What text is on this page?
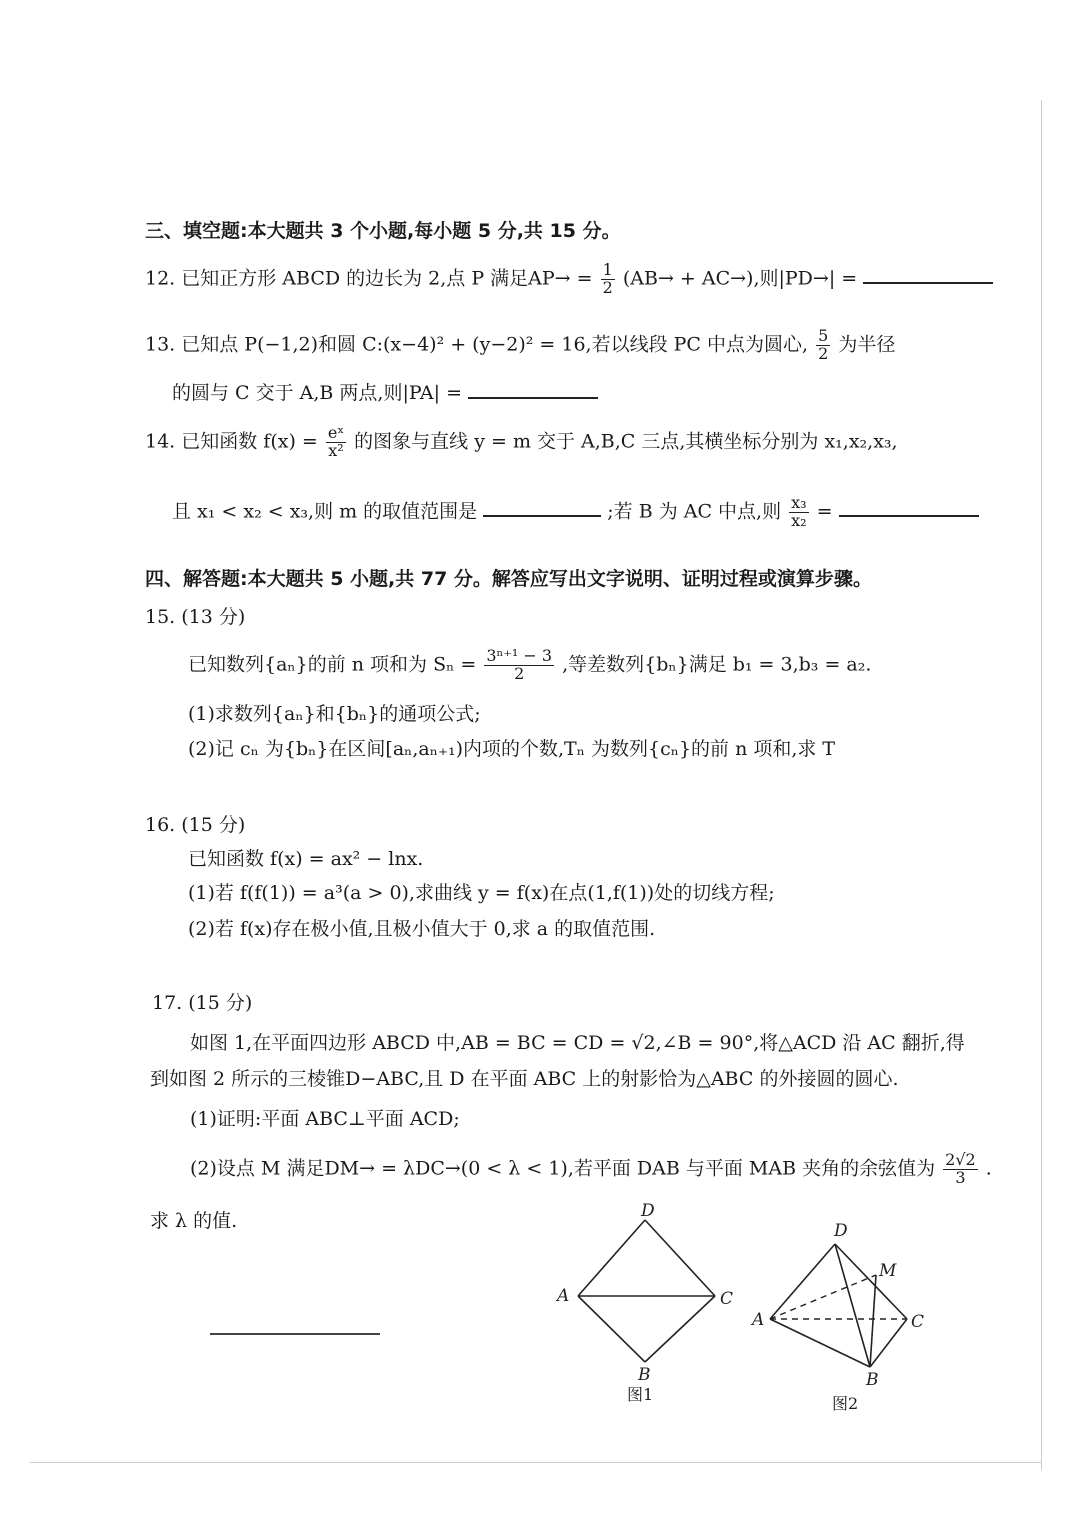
三、填空题:本大题共 3 个小题,每小题 5 分,共 15 分。
12. 已知正方形 ABCD 的边长为 2,点 P 满足$AP\to = \frac{1}{2} (AB\to + AC\to)$,则|PD→| =
13. 已知点 P(−1,2)和圆 C:(x−4)² + (y−2)² = 16,若以线段 PC 中点为圆心, $\frac{5}{2}$ 为半径
的圆与 C 交于 A,B 两点,则|PA| =
14. 已知函数 $f(x) = \frac{\text{eˣ}}{\text{x²}}$ 的图象与直线 y = m 交于 A,B,C 三点,其横坐标分别为 x₁,x₂,x₃,
且 x₁ < x₂ < x₃,则 m 的取值范围是	;若 B 为 AC 中点,则 $\frac{\text{x₃}}{\text{x₂}}$ =
四、解答题:本大题共 5 小题,共 77 分。解答应写出文字说明、证明过程或演算步骤。
15. (13 分)
已知数列{aₙ}的前 n 项和为 $S_n = \frac{\text{3ⁿ⁺¹ − 3}}{2}$ ,等差数列{bₙ}满足 b₁ = 3,b₃ = a₂.
(1)求数列{aₙ}和{bₙ}的通项公式;
(2)记 cₙ 为{bₙ}在区间[aₙ,aₙ₊₁)内项的个数,Tₙ 为数列{cₙ}的前 n 项和,求 T
16. (15 分)
已知函数 f(x) = ax² − lnx.
(1)若 f(f(1)) = a³(a > 0),求曲线 y = f(x)在点(1,f(1))处的切线方程;
(2)若 f(x)存在极小值,且极小值大于 0,求 a 的取值范围.
17. (15 分)
如图 1,在平面四边形 ABCD 中,AB = BC = CD = √2,∠B = 90°,将△ACD 沿 AC 翻折,得
到如图 2 所示的三棱锥D−ABC,且 D 在平面 ABC 上的射影恰为△ABC 的外接圆的圆心.
(1)证明:平面 ABC⊥平面 ACD;
(2)设点 M 满足DM→ = λDC→(0 < λ < 1),若平面 DAB 与平面 MAB 夹角的余弦值为 $\frac{2√2}{3}$ .
求 λ 的值.	D
A	C
B
图1
D
M
A	C
B
图2
